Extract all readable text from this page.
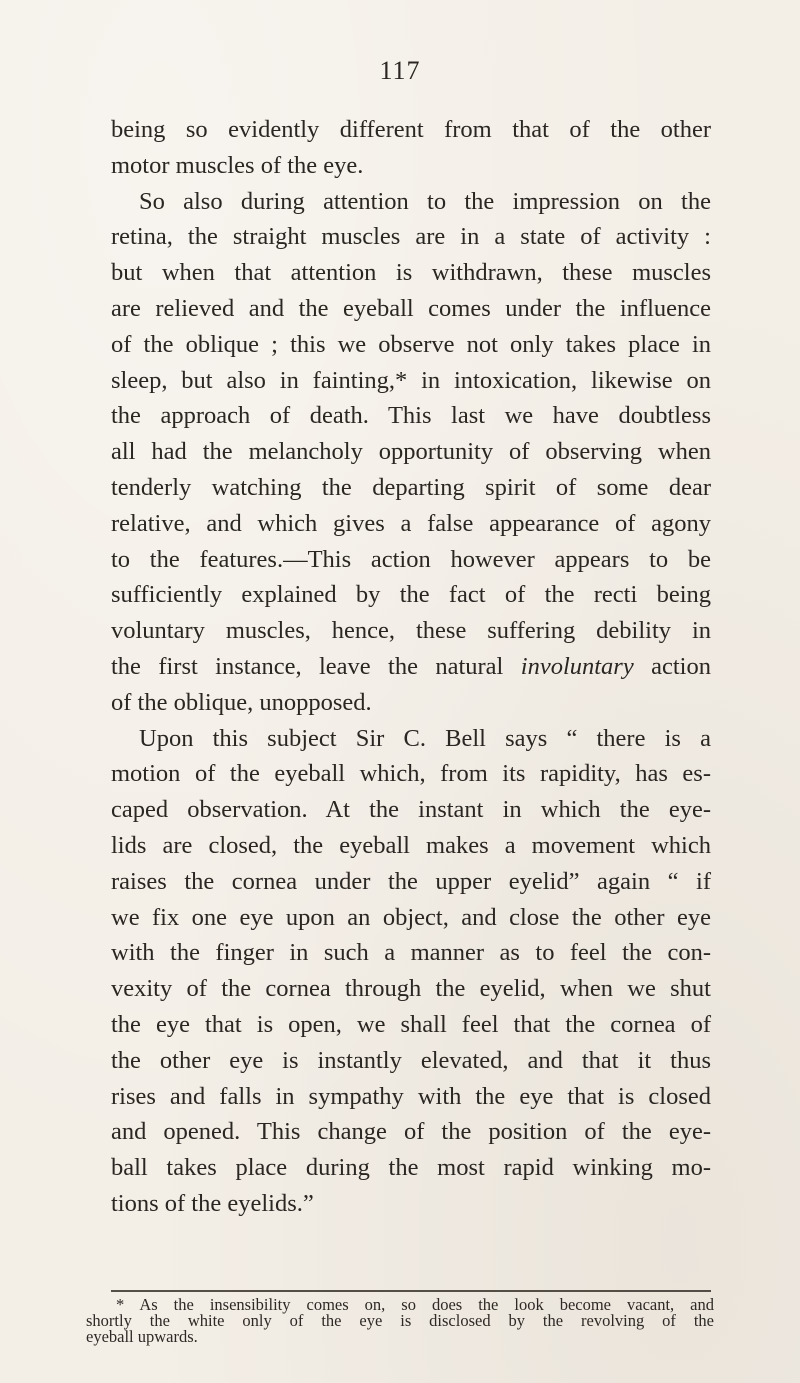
117
being so evidently different from that of the other
motor muscles of the eye.
So also during attention to the impression on the
retina, the straight muscles are in a state of activity :
but when that attention is withdrawn, these muscles
are relieved and the eyeball comes under the influence
of the oblique ; this we observe not only takes place in
sleep, but also in fainting,* in intoxication, likewise on
the approach of death. This last we have doubtless
all had the melancholy opportunity of observing when
tenderly watching the departing spirit of some dear
relative, and which gives a false appearance of agony
to the features.—This action however appears to be
sufficiently explained by the fact of the recti being
voluntary muscles, hence, these suffering debility in
the first instance, leave the natural involuntary action
of the oblique, unopposed.
Upon this subject Sir C. Bell says “ there is a
motion of the eyeball which, from its rapidity, has es-
caped observation. At the instant in which the eye-
lids are closed, the eyeball makes a movement which
raises the cornea under the upper eyelid” again “ if
we fix one eye upon an object, and close the other eye
with the finger in such a manner as to feel the con-
vexity of the cornea through the eyelid, when we shut
the eye that is open, we shall feel that the cornea of
the other eye is instantly elevated, and that it thus
rises and falls in sympathy with the eye that is closed
and opened. This change of the position of the eye-
ball takes place during the most rapid winking mo-
tions of the eyelids.”
* As the insensibility comes on, so does the look become vacant, and
shortly the white only of the eye is disclosed by the revolving of the
eyeball upwards.
